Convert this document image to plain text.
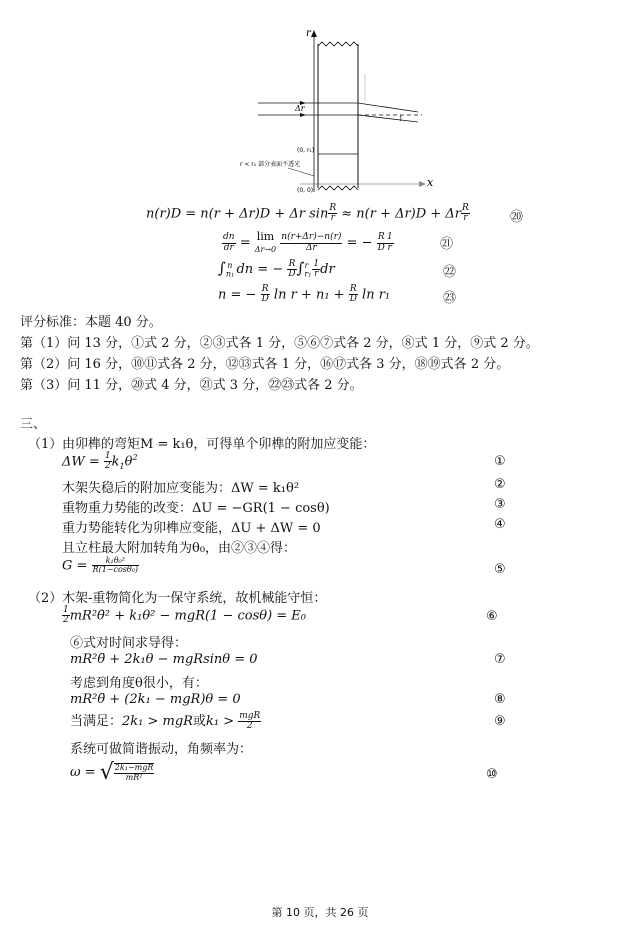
r
x
Δr
(0, r₁)
(0, 0)
r < r₁ 部分表面不透光
n(r)D = n(r + Δr)D + Δr $\sin \frac{R}{r} \approx n(r + \Delta r)D + \Delta r \frac{R}{r}$	⑳
$\frac{dn}{dr} = \lim$
$\Delta r\to 0 \frac{n(r+\Delta r)-n(r)}{\Delta r}$ = − $\frac{R}{D} \frac{1}{r}$	㉑
$\int_{n_1}^n$ dn = − $\frac{R}{D} \int_{r_1}^r \frac{1}{r}$ dr	㉒
n = − $\frac{R}{D}$ $\ln r + n_1 + \frac{R}{D}$ ln r₁	㉓
评分标准：本题 40 分。
第（1）问 13 分，①式 2 分，②③式各 1 分，⑤⑥⑦式各 2 分，⑧式 1 分，⑨式 2 分。
第（2）问 16 分，⑩⑪式各 2 分，⑫⑬式各 1 分，⑯⑰式各 3 分，⑱⑲式各 2 分。
第（3）问 11 分，⑳式 4 分，㉑式 3 分，㉒㉓式各 2 分。
三、
（1） 由卯榫的弯矩M = k₁θ，可得单个卯榫的附加应变能：
$\Delta W = \frac{1}{2} k_1\theta^2$	①
木架失稳后的附加应变能为：ΔW = k₁θ²	②
重物重力势能的改变：ΔU = −GR(1 − cosθ)	③
重力势能转化为卯榫应变能，ΔU + ΔW = 0	④
且立柱最大附加转角为θ₀，由②③④得：
$G = \frac{\text{k₁θ₀²}}{\text{R(1−cosθ₀)}}$	⑤
（2） 木架-重物简化为一保守系统，故机械能守恒：
$\frac{1}{2}$ mR²θ̇² + k₁θ² − mgR(1 − cosθ) = E₀	⑥
⑥式对时间求导得：
mR²θ̈ + 2k₁θ − mgRsinθ = 0	⑦
考虑到角度θ很小，有：
mR²θ̈ + (2k₁ − mgR)θ = 0	⑧
当满足：2k₁ > mgR或$k_1 > \frac{\text{mgR}}{2}$	⑨
系统可做简谐振动，角频率为：
ω = √ $\frac{\text{2k₁−mgR}}{\text{mR²}}$	⑩
第 10 页，共 26 页
